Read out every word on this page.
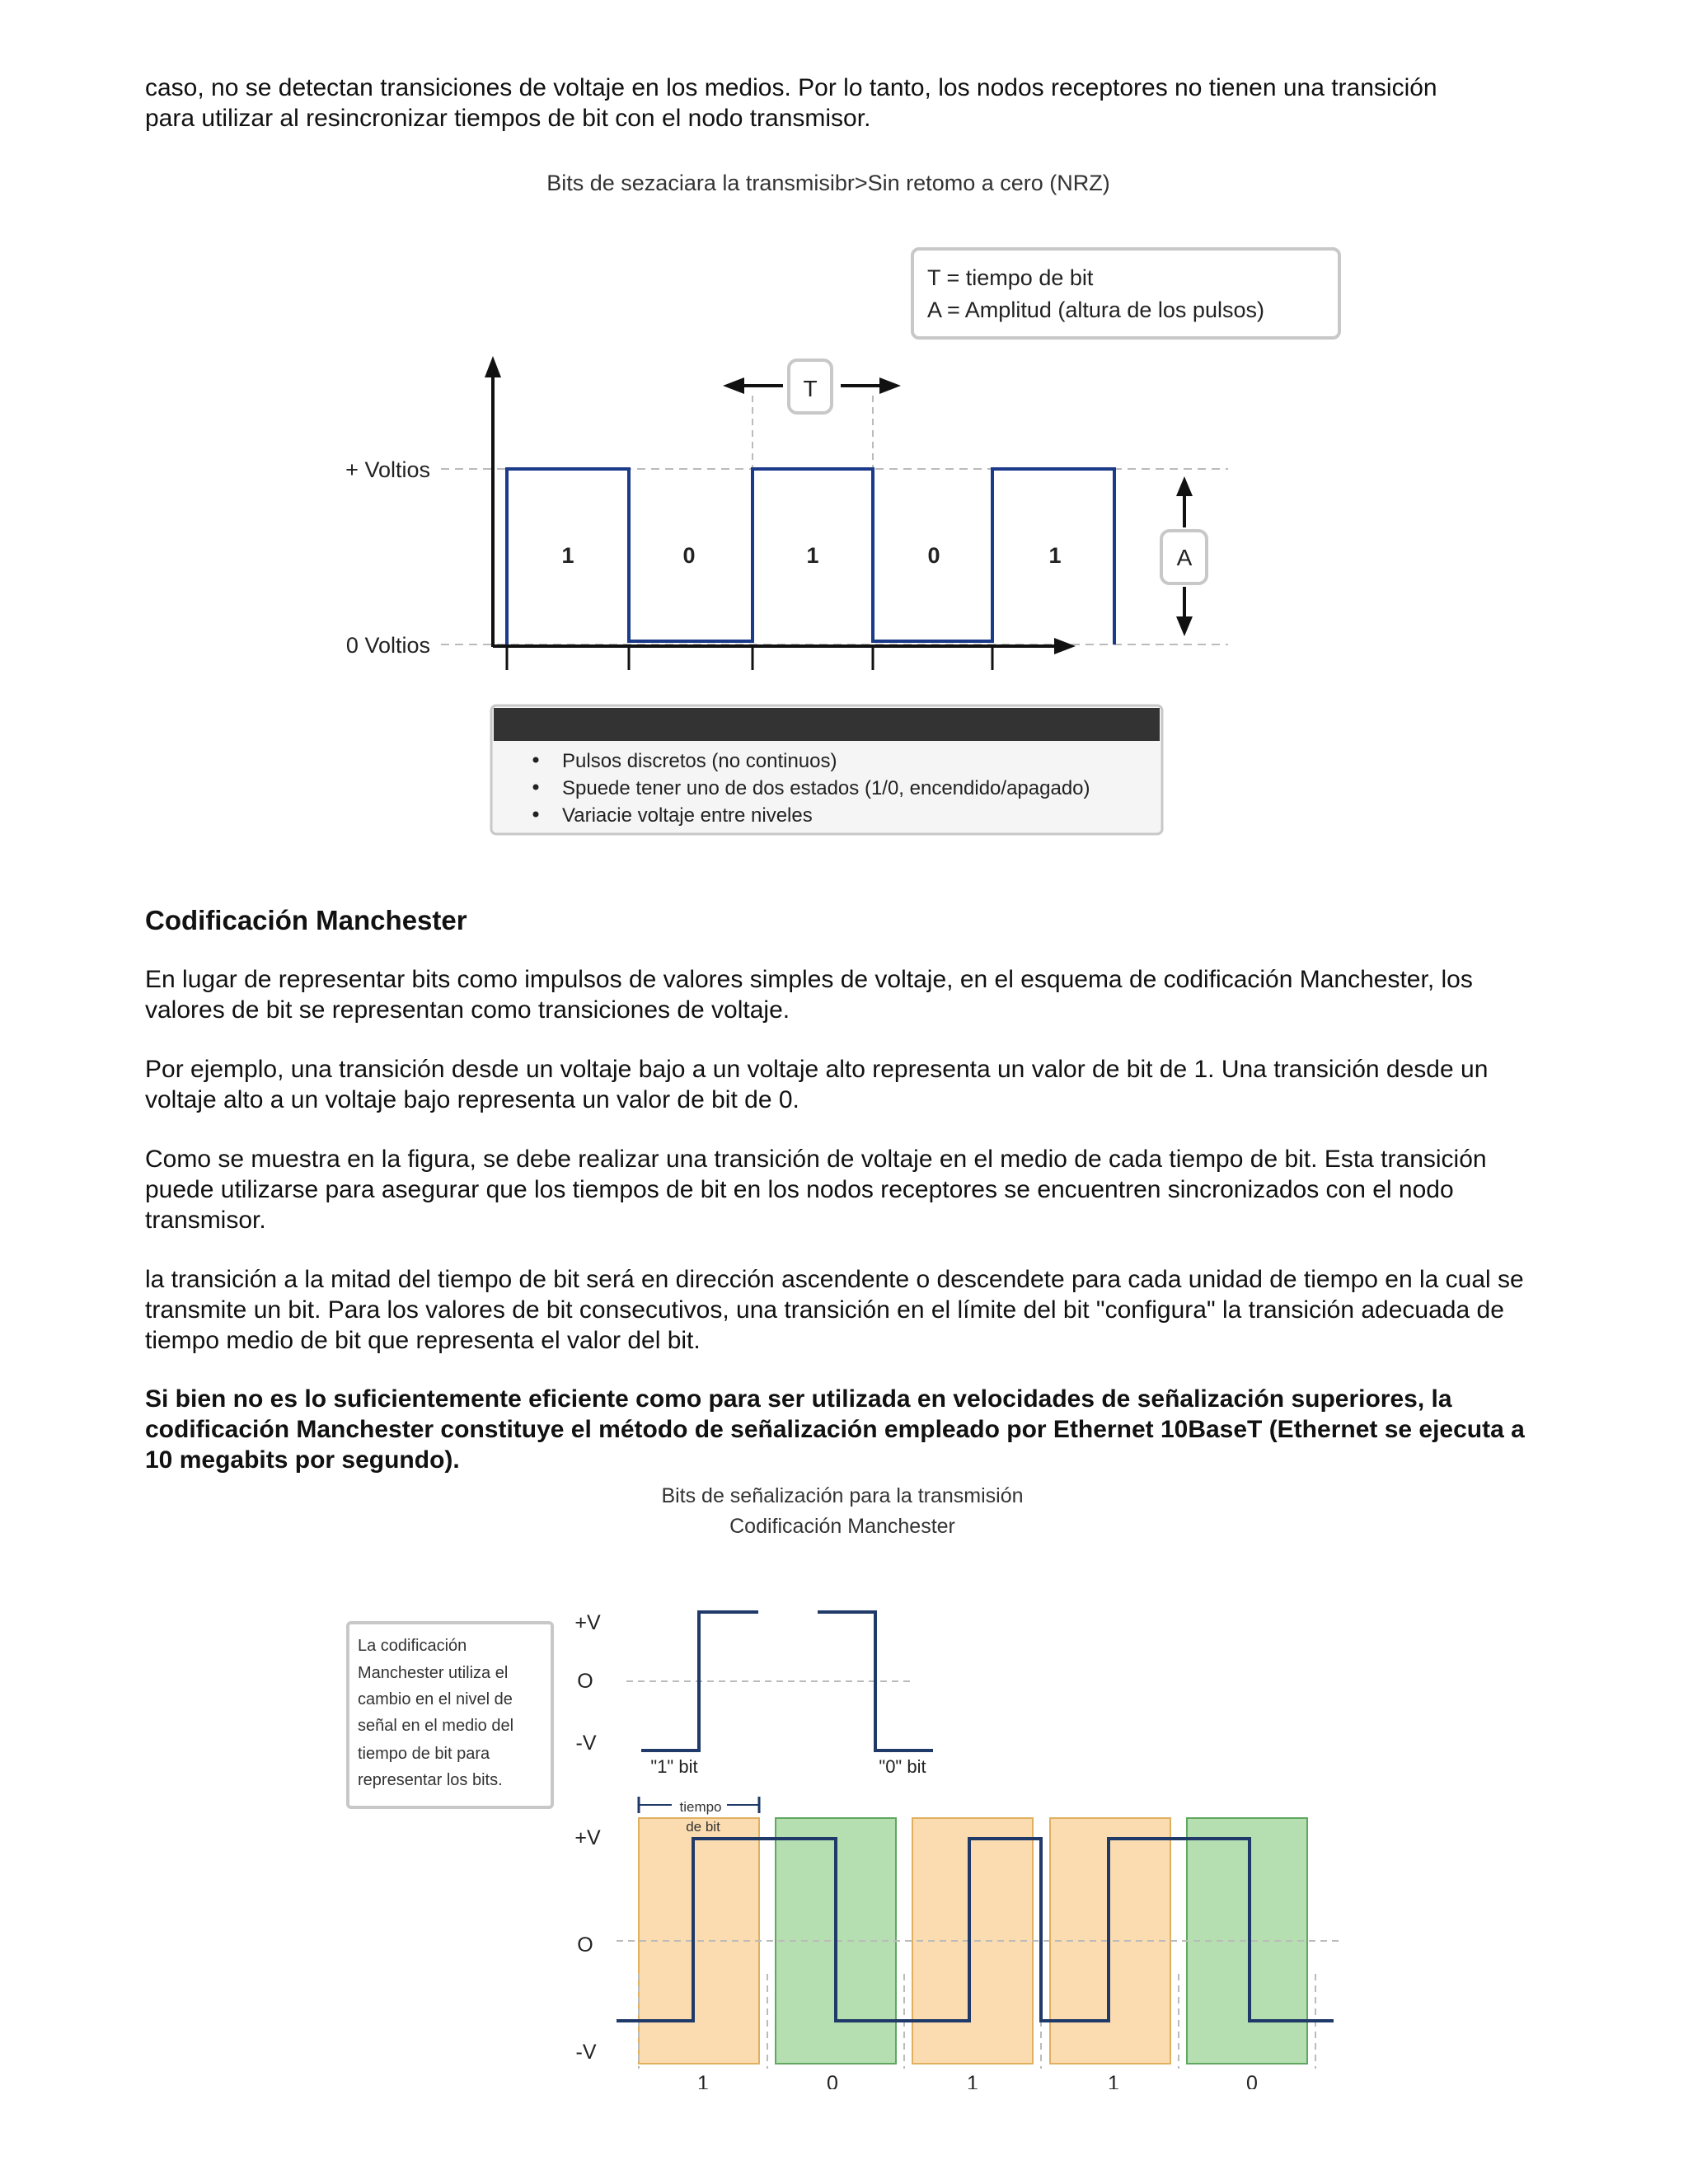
caso, no se detectan transiciones de voltaje en los medios. Por lo tanto, los nodos receptores no tienen una transición

para utilizar al resincronizar tiempos de bit con el nodo transmisor.

Bits de sezaciara la transmisibr>Sin retomo a cero (NRZ)
T = tiempo de bit
A = Amplitud (altura de los pulsos)
+ Voltios
0 Voltios
1	0	1	0	1
T
A
Pulsos discretos (no continuos)
Spuede tener uno de dos estados (1/0, encendido/apagado)
Variacie voltaje entre niveles
Codificación Manchester

En lugar de representar bits como impulsos de valores simples de voltaje, en el esquema de codificación Manchester, los valores de bit se representan como transiciones de voltaje.

Por ejemplo, una transición desde un voltaje bajo a un voltaje alto representa un valor de bit de 1. Una transición desde un voltaje alto a un voltaje bajo representa un valor de bit de 0.

Como se muestra en la figura, se debe realizar una transición de voltaje en el medio de cada tiempo de bit. Esta transición puede utilizarse para asegurar que los tiempos de bit en los nodos receptores se encuentren sincronizados con el nodo transmisor.

la transición a la mitad del tiempo de bit será en dirección ascendente o descendete para cada unidad de tiempo en la cual se transmite un bit. Para los valores de bit consecutivos, una transición en el límite del bit "configura" la transición adecuada de tiempo medio de bit que representa el valor del bit.

Si bien no es lo suficientemente eficiente como para ser utilizada en velocidades de señalización superiores, la codificación Manchester constituye el método de señalización empleado por Ethernet 10BaseT (Ethernet se ejecuta a 10 megabits por segundo).

Bits de señalización para la transmisión
Codificación Manchester
La codificación
Manchester utiliza el
cambio en el nivel de
señal en el medio del
tiempo de bit para
representar los bits.
+V
O
-V
"1" bit	"0" bit
tiempo
de bit
+V
O
-V
1	0	1	1	0
